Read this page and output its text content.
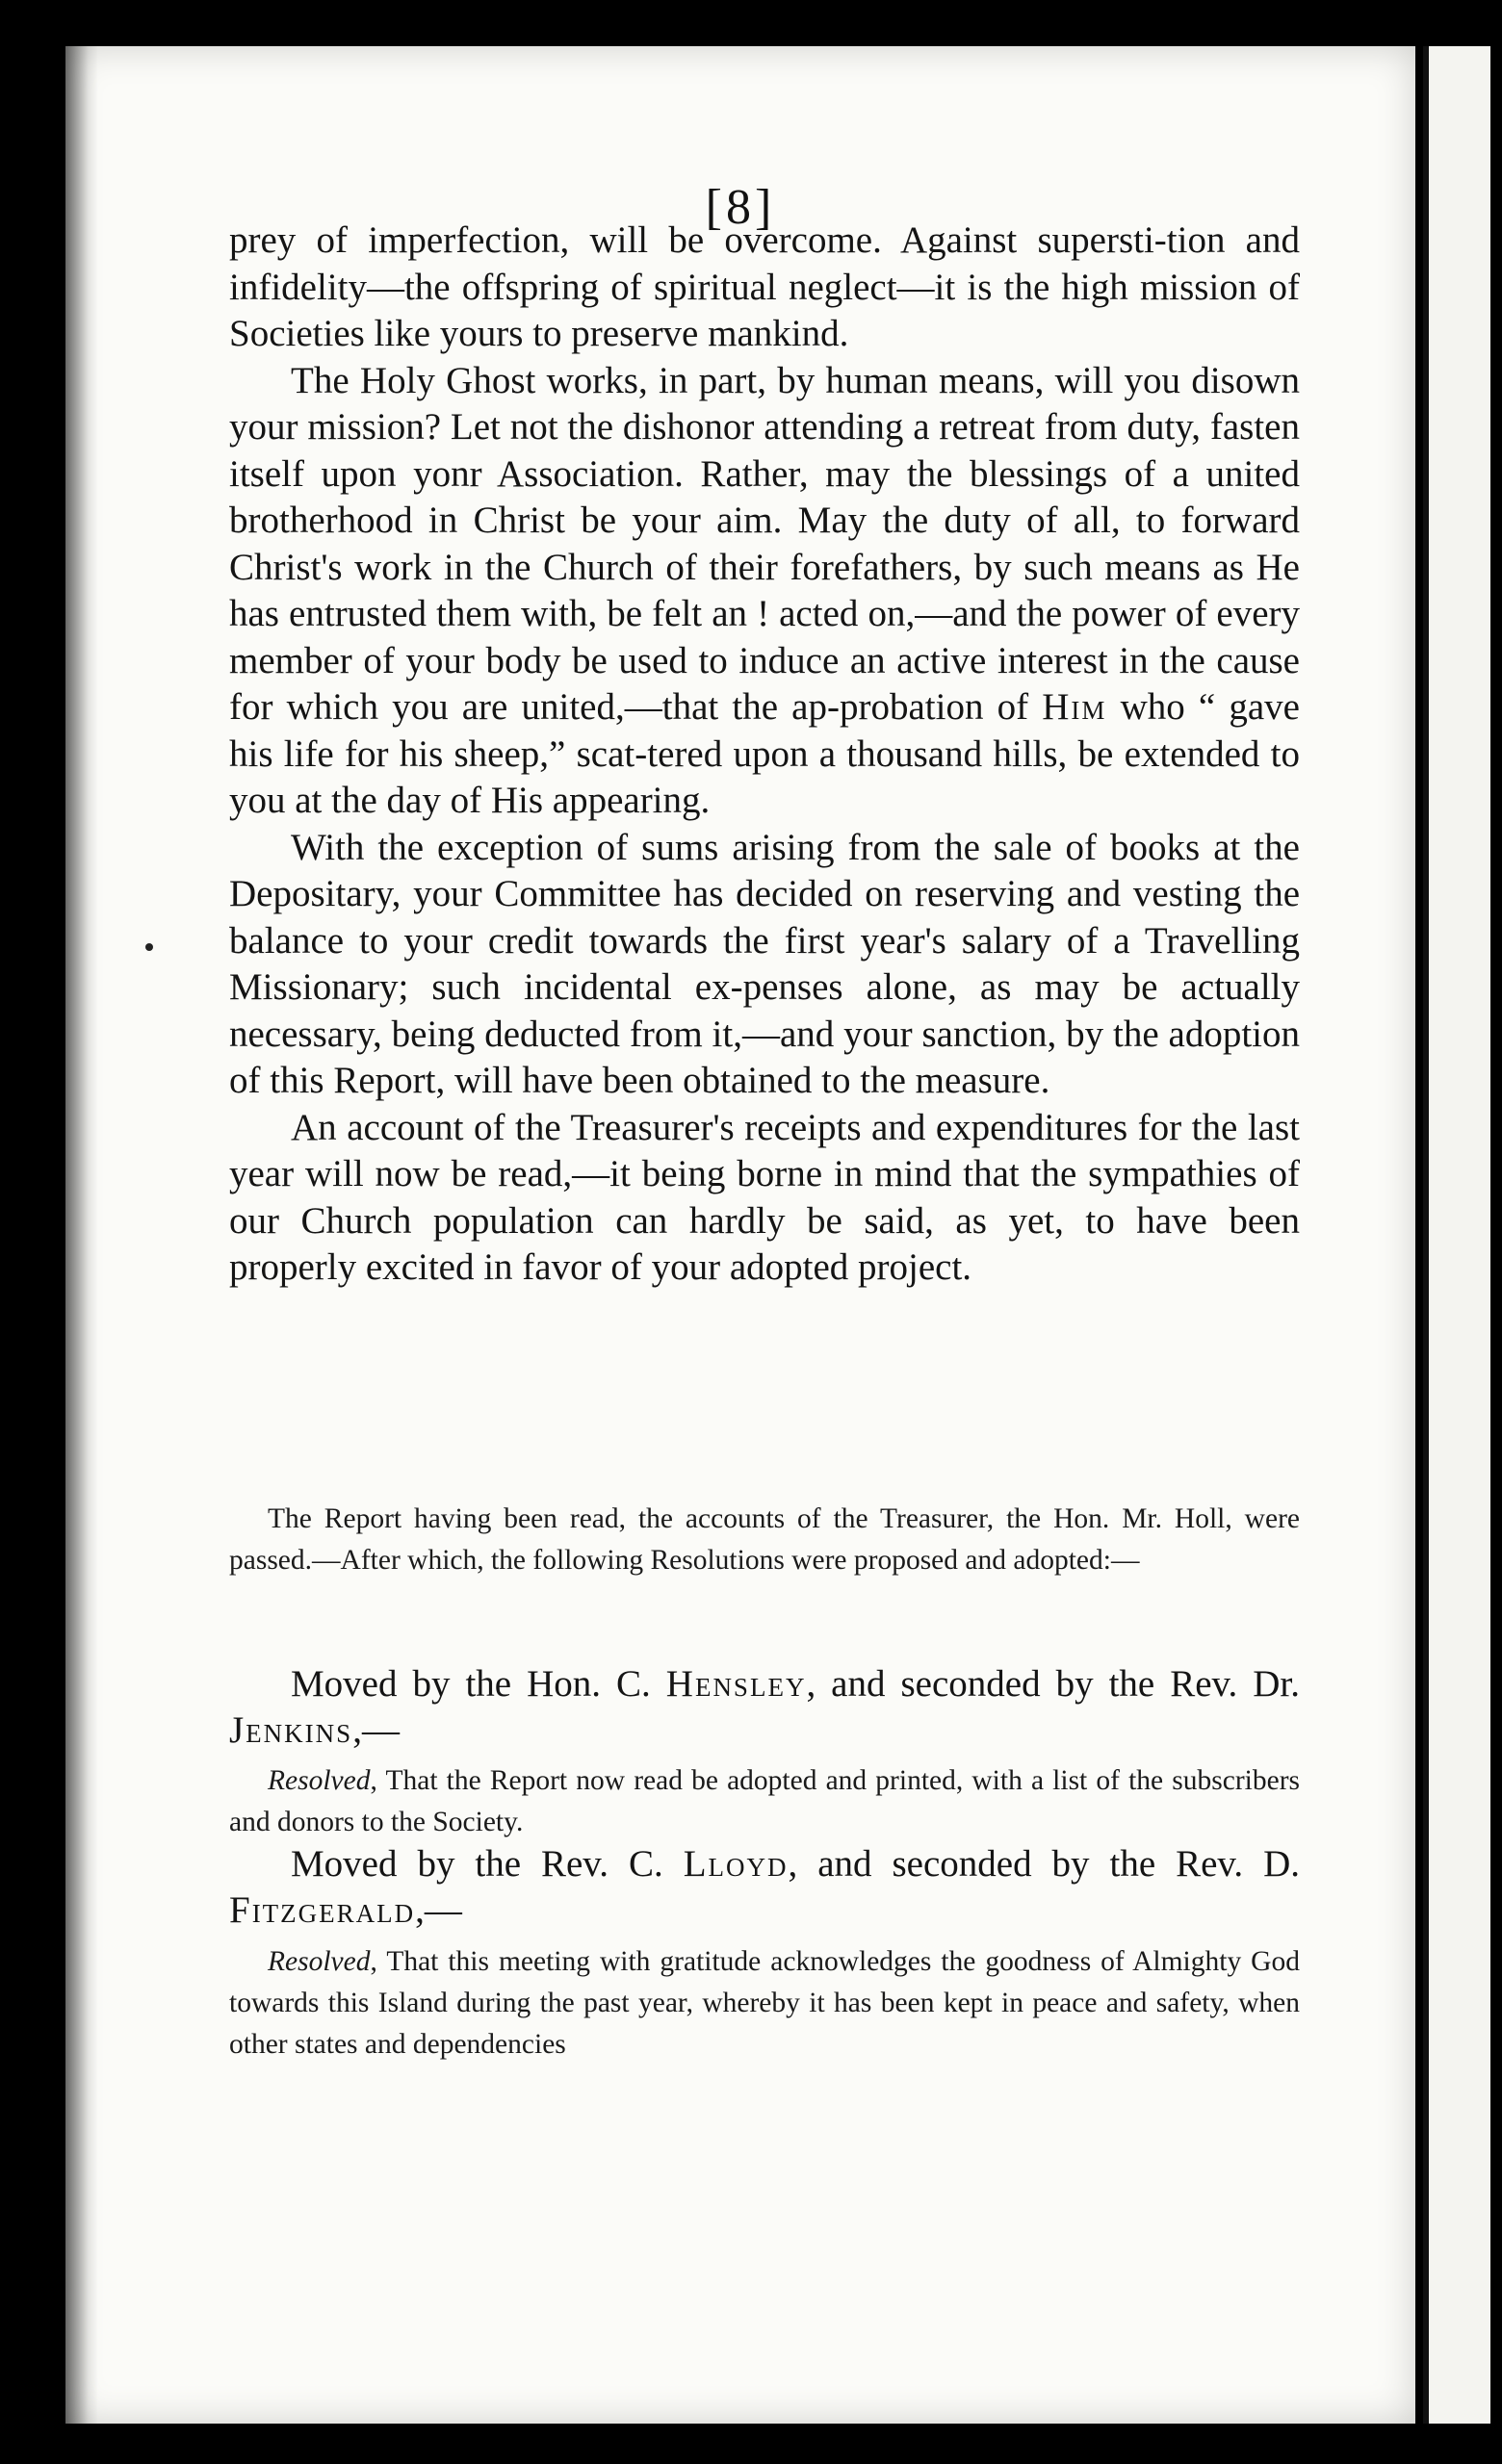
[8]

prey of imperfection, will be overcome. Against supersti-tion and infidelity—the offspring of spiritual neglect—it is the high mission of Societies like yours to preserve mankind.

The Holy Ghost works, in part, by human means, will you disown your mission? Let not the dishonor attending a retreat from duty, fasten itself upon yonr Association. Rather, may the blessings of a united brotherhood in Christ be your aim. May the duty of all, to forward Christ's work in the Church of their forefathers, by such means as He has entrusted them with, be felt an ! acted on,—and the power of every member of your body be used to induce an active interest in the cause for which you are united,—that the ap-probation of Him who “ gave his life for his sheep,” scat-tered upon a thousand hills, be extended to you at the day of His appearing.

With the exception of sums arising from the sale of books at the Depositary, your Committee has decided on reserving and vesting the balance to your credit towards the first year's salary of a Travelling Missionary; such incidental ex-penses alone, as may be actually necessary, being deducted from it,—and your sanction, by the adoption of this Report, will have been obtained to the measure.

An account of the Treasurer's receipts and expenditures for the last year will now be read,—it being borne in mind that the sympathies of our Church population can hardly be said, as yet, to have been properly excited in favor of your adopted project.

The Report having been read, the accounts of the Treasurer, the Hon. Mr. Holl, were passed.—After which, the following Resolutions were proposed and adopted:—

Moved by the Hon. C. Hensley, and seconded by the Rev. Dr. Jenkins,—

Resolved, That the Report now read be adopted and printed, with a list of the subscribers and donors to the Society.

Moved by the Rev. C. Lloyd, and seconded by the Rev. D. Fitzgerald,—

Resolved, That this meeting with gratitude acknowledges the goodness of Almighty God towards this Island during the past year, whereby it has been kept in peace and safety, when other states and dependencies
